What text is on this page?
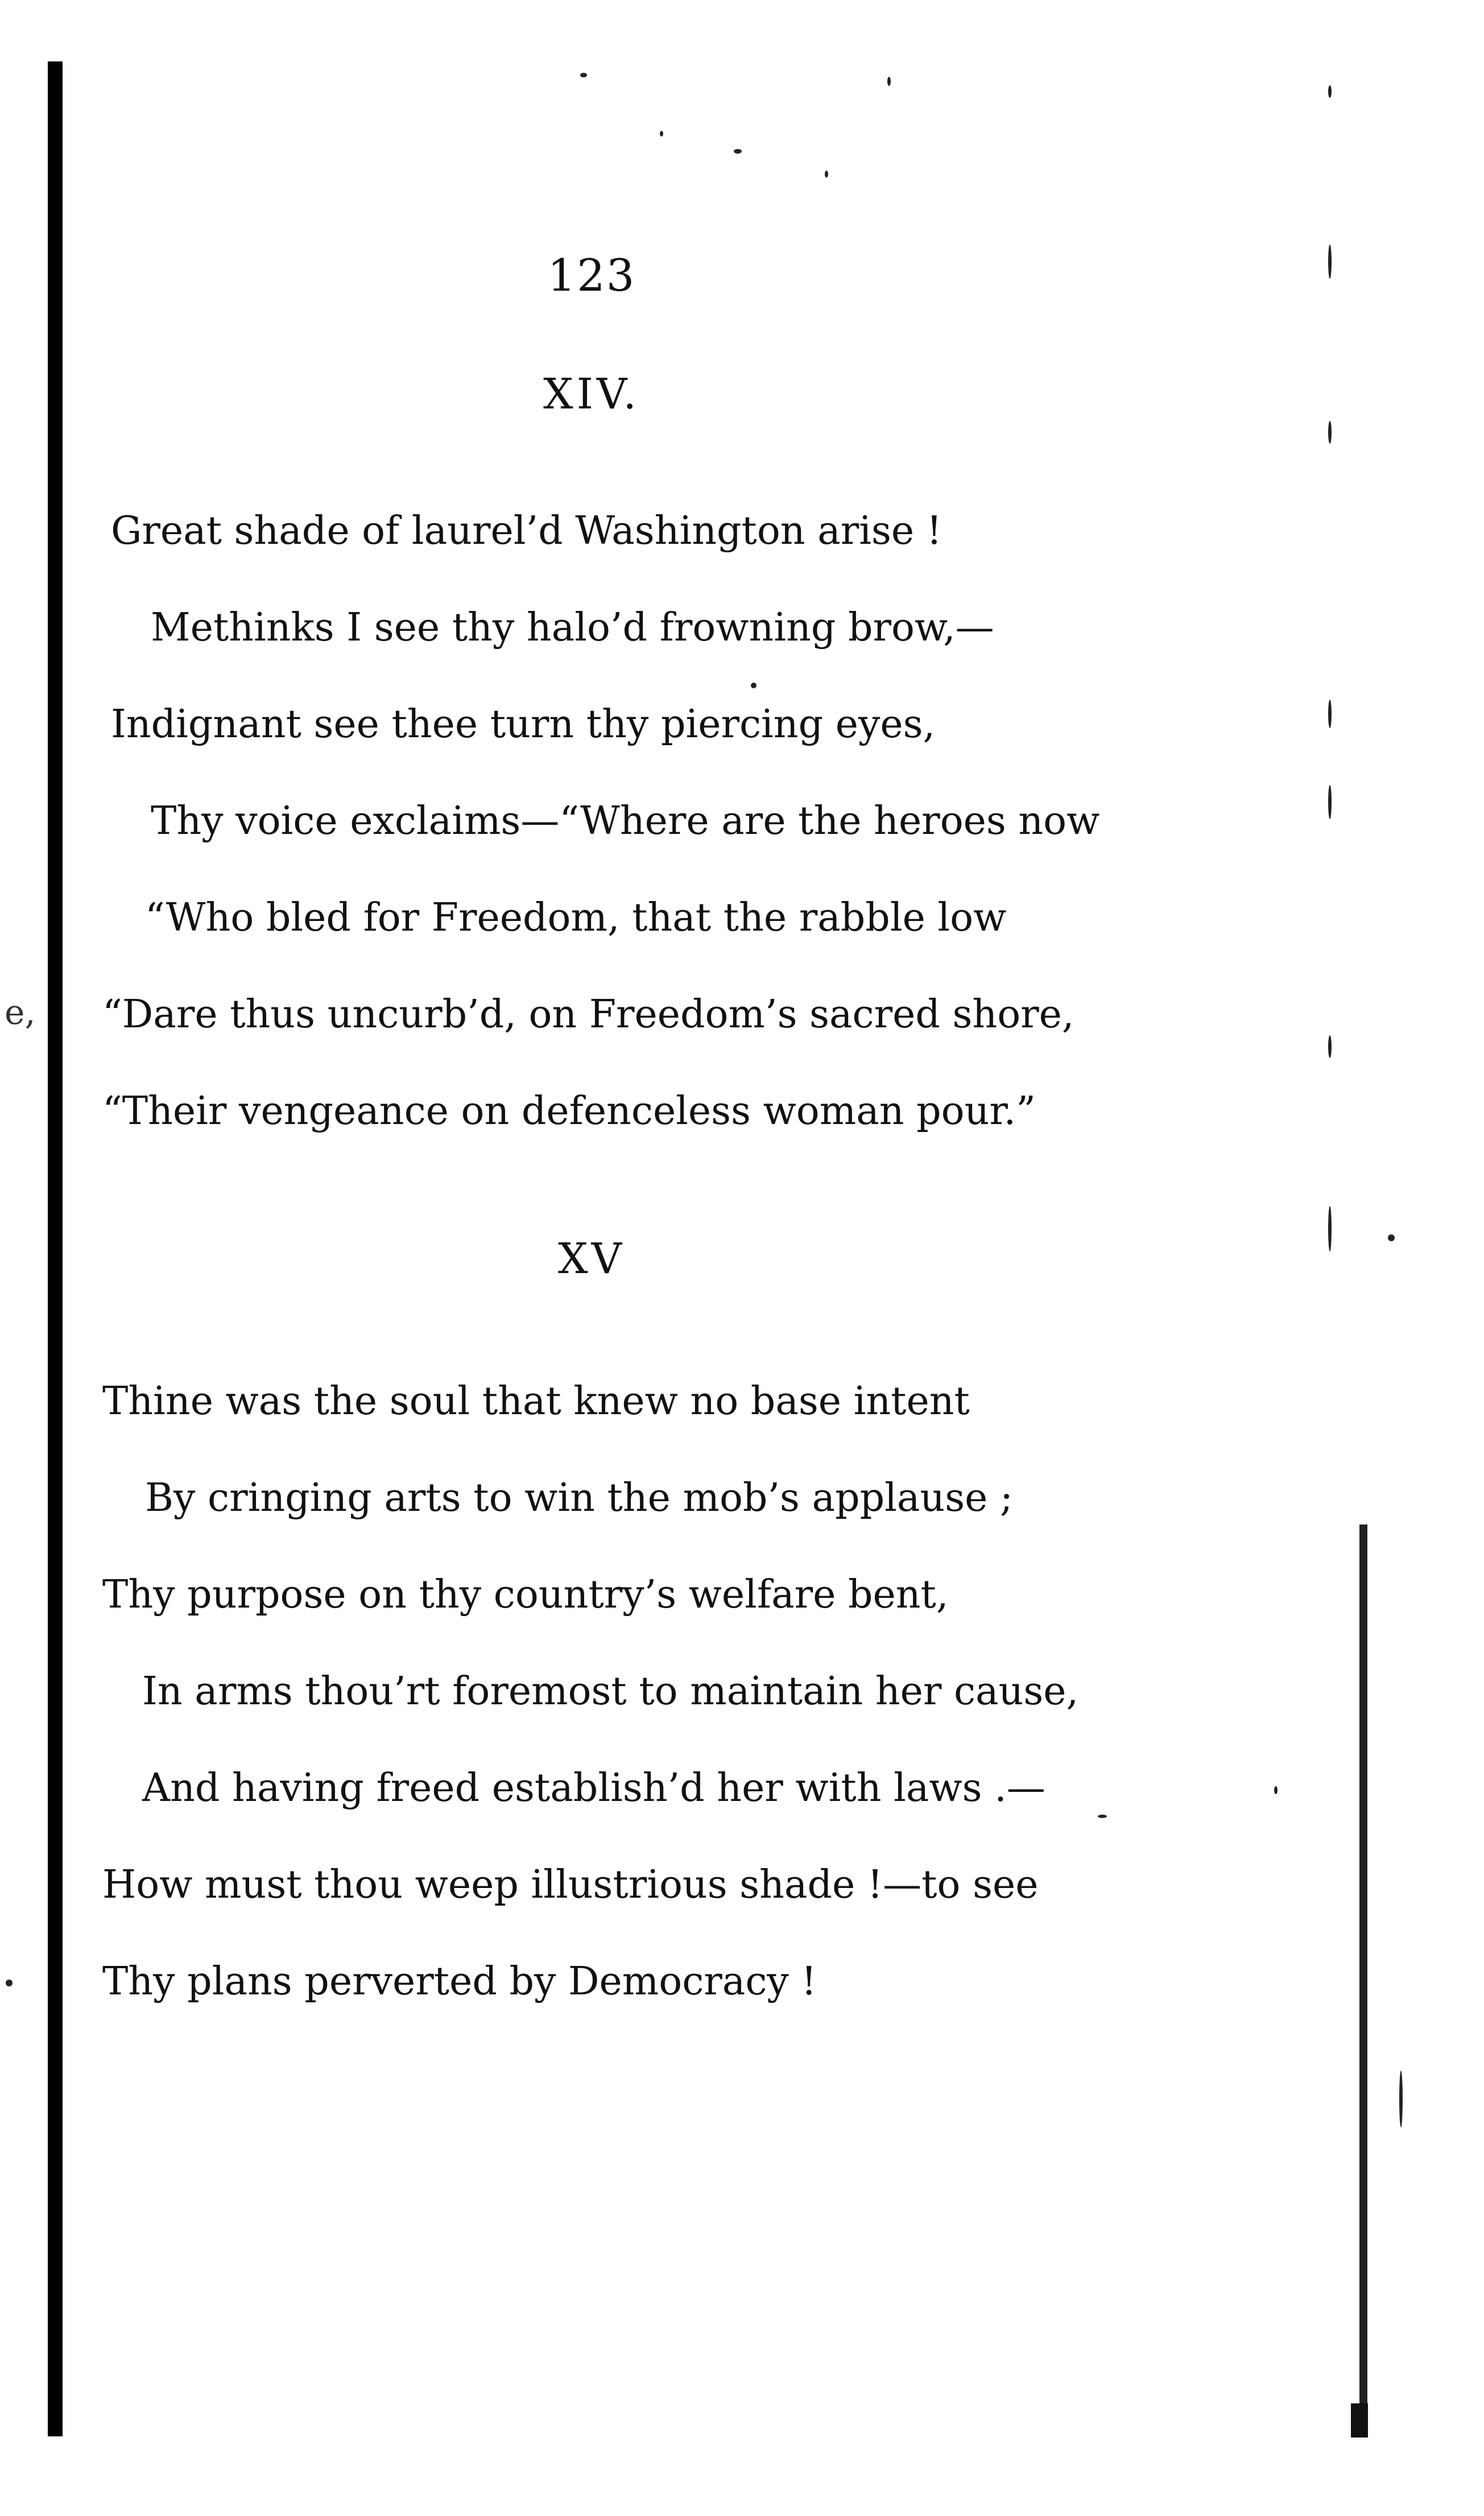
e,
123
XIV.
Great shade of laurel’d Washington arise !
Methinks I see thy halo’d frowning brow,—
Indignant see thee turn thy piercing eyes,
Thy voice exclaims—“Where are the heroes now
“Who bled for Freedom, that the rabble low
“Dare thus uncurb’d, on Freedom’s sacred shore,
“Their vengeance on defenceless woman pour.”
XV
Thine was the soul that knew no base intent
By cringing arts to win the mob’s applause ;
Thy purpose on thy country’s welfare bent,
In arms thou’rt foremost to maintain her cause,
And having freed establish’d her with laws .—
How must thou weep illustrious shade !—to see
Thy plans perverted by Democracy !
